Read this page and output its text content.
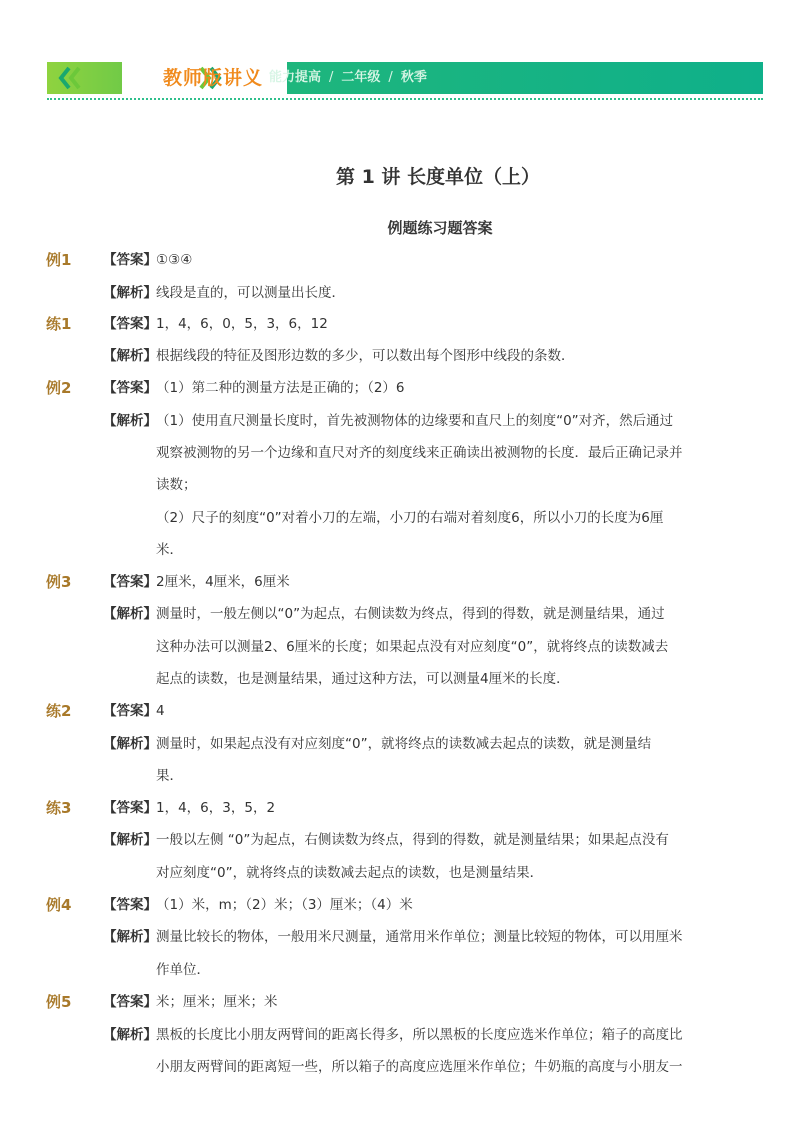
教师版讲义 能力提高 / 二年级 / 秋季
第 1 讲 长度单位（上）
例题练习题答案
例1 【答案】 ①③④
【解析】 线段是直的，可以测量出长度．
练1 【答案】 1，4，6，0，5，3，6，12
【解析】 根据线段的特征及图形边数的多少，可以数出每个图形中线段的条数．
例2 【答案】 （1）第二种的测量方法是正确的；（2）6
【解析】 （1）使用直尺测量长度时，首先被测物体的边缘要和直尺上的刻度“0”对齐，然后通过
观察被测物的另一个边缘和直尺对齐的刻度线来正确读出被测物的长度．最后正确记录并
读数；
（2）尺子的刻度“0”对着小刀的左端，小刀的右端对着刻度6，所以小刀的长度为6厘
米．
例3 【答案】 2厘米，4厘米，6厘米
【解析】 测量时，一般左侧以“0”为起点，右侧读数为终点，得到的得数，就是测量结果，通过
这种办法可以测量2、6厘米的长度；如果起点没有对应刻度“0”，就将终点的读数减去
起点的读数，也是测量结果，通过这种方法，可以测量4厘米的长度．
练2 【答案】 4
【解析】 测量时，如果起点没有对应刻度“0”，就将终点的读数减去起点的读数，就是测量结
果．
练3 【答案】 1，4，6，3，5，2
【解析】 一般以左侧 “0”为起点，右侧读数为终点，得到的得数，就是测量结果；如果起点没有
对应刻度“0”，就将终点的读数减去起点的读数，也是测量结果．
例4 【答案】 （1）米，m；（2）米；（3）厘米；（4）米
【解析】 测量比较长的物体，一般用米尺测量，通常用米作单位；测量比较短的物体，可以用厘米
作单位．
例5 【答案】 米；厘米；厘米；米
【解析】 黑板的长度比小朋友两臂间的距离长得多，所以黑板的长度应选米作单位；箱子的高度比
小朋友两臂间的距离短一些，所以箱子的高度应选厘米作单位；牛奶瓶的高度与小朋友一
